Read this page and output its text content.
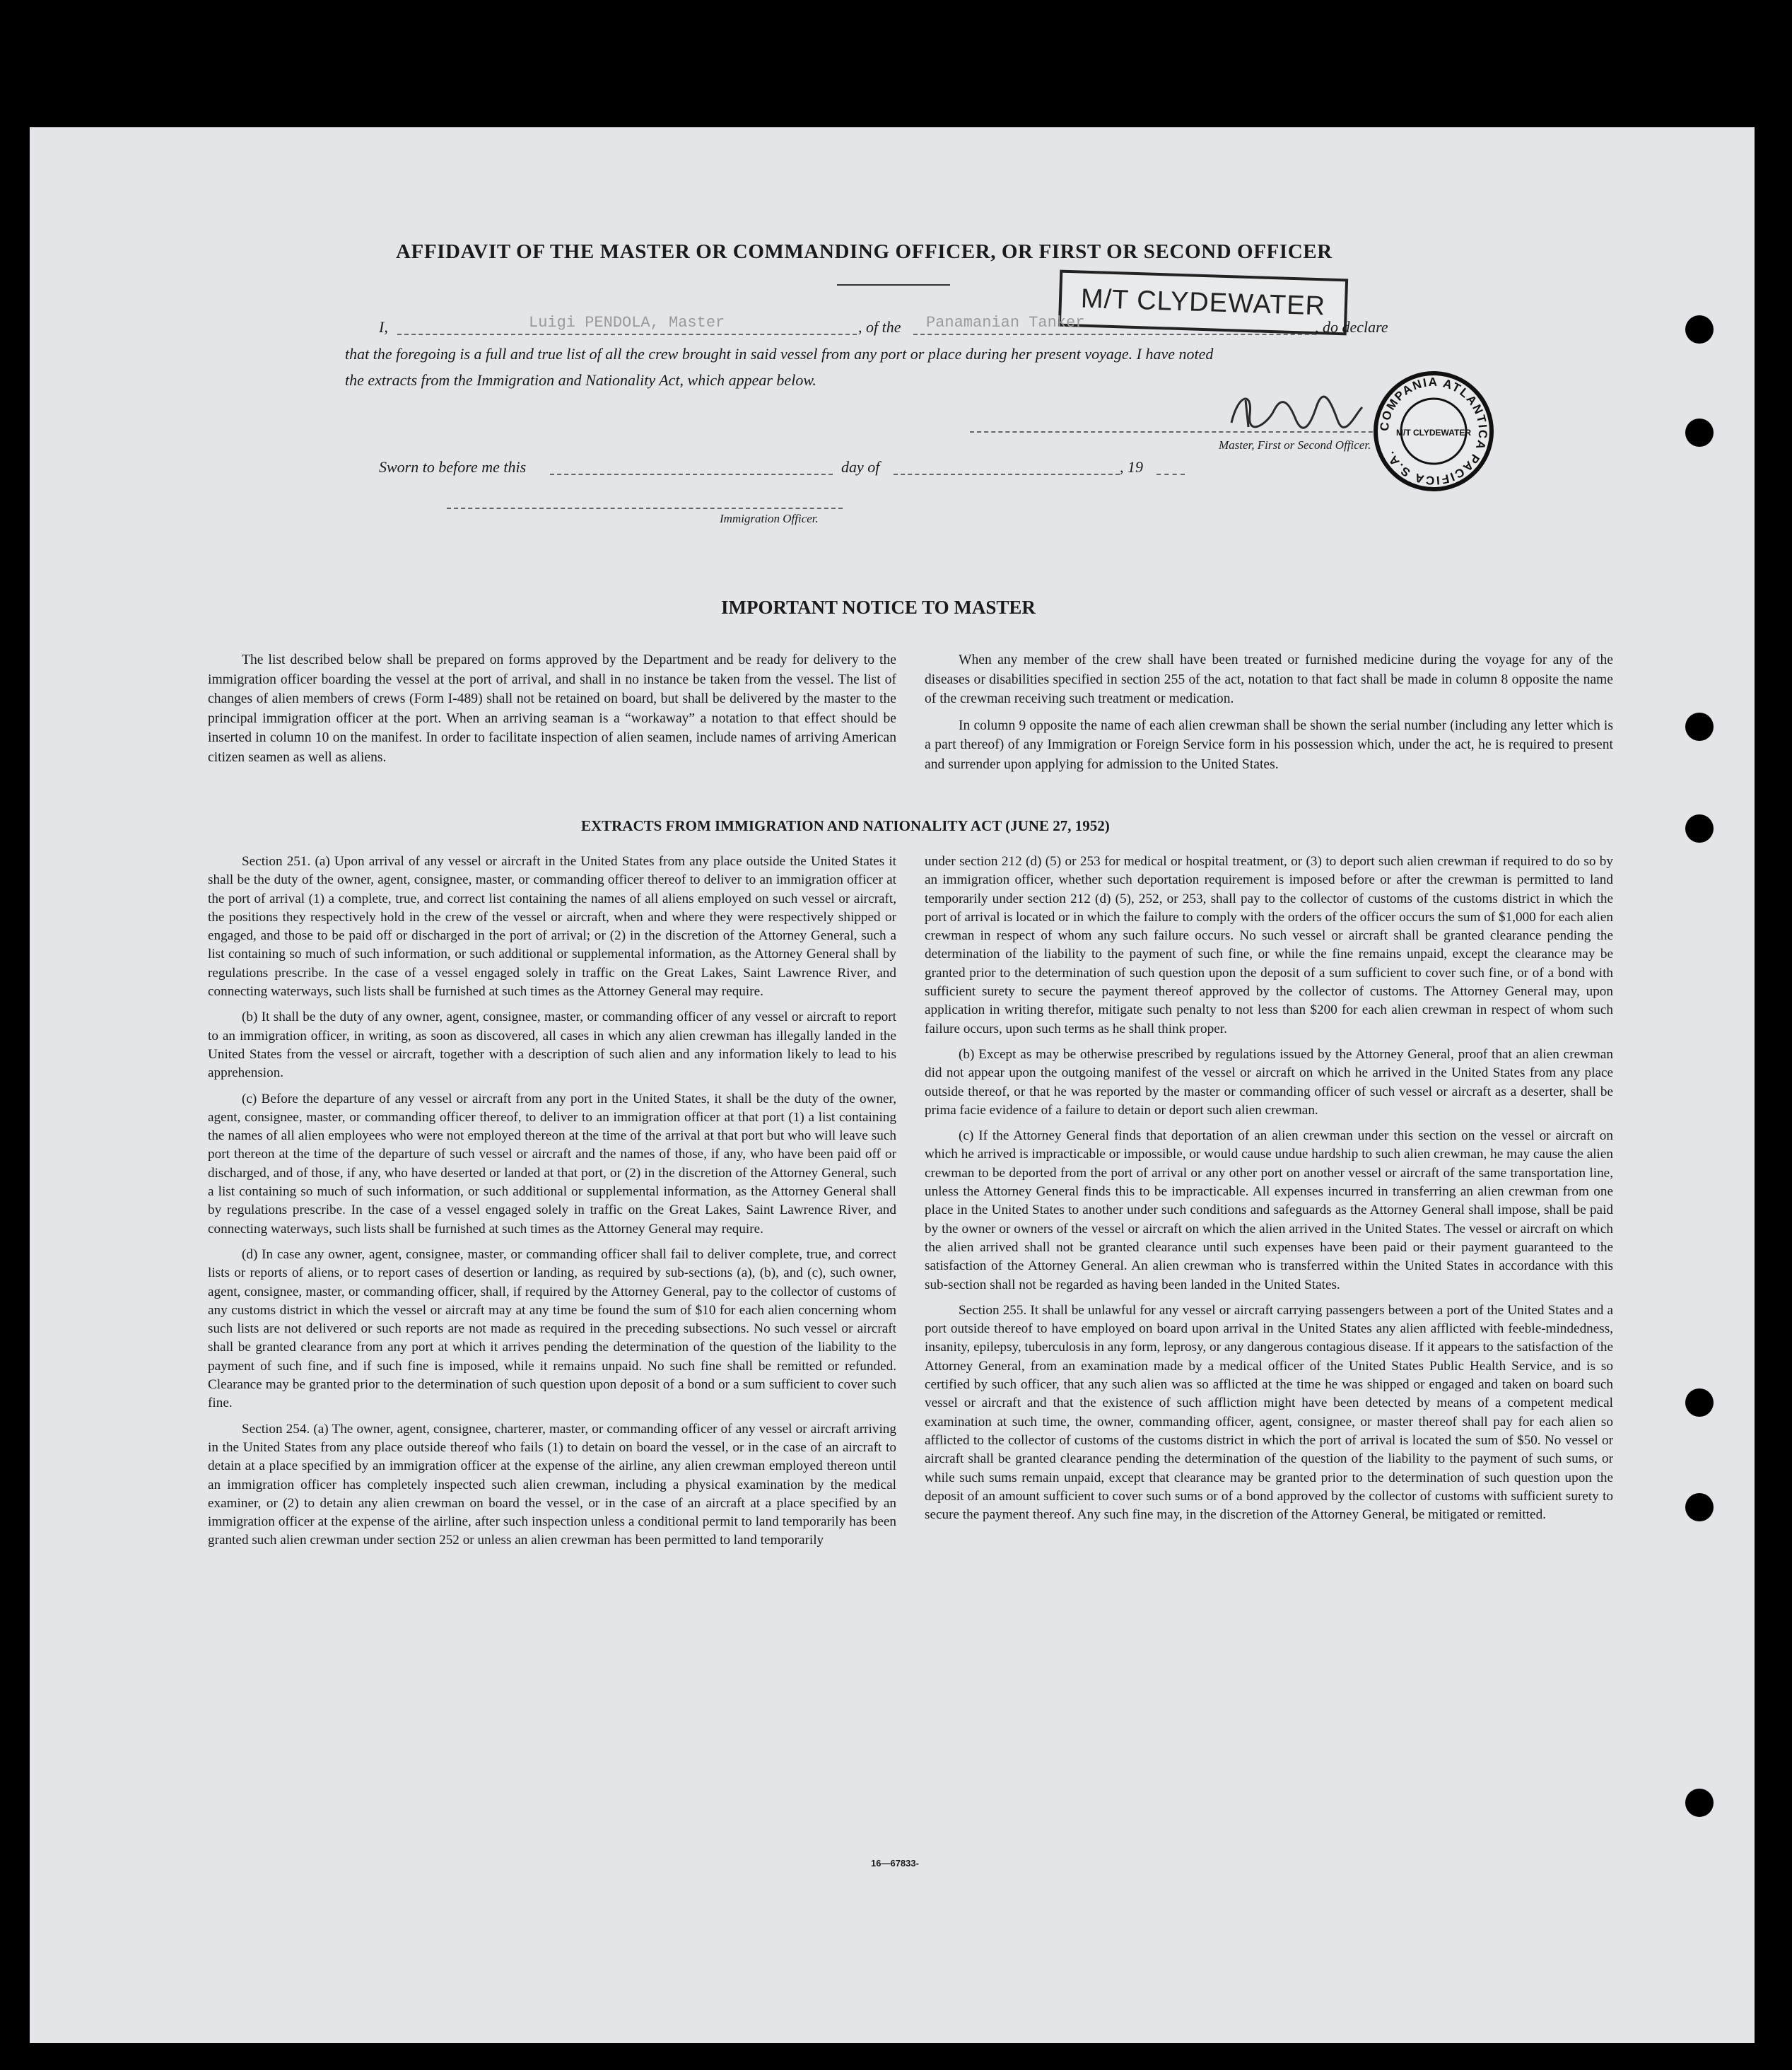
AFFIDAVIT OF THE MASTER OR COMMANDING OFFICER, OR FIRST OR SECOND OFFICER
M/T CLYDEWATER
I,	Luigi PENDOLA, Master	, of the Panamanian Tanker	, do declare
that the foregoing is a full and true list of all the crew brought in said vessel from any port or place during her present voyage. I have noted
the extracts from the Immigration and Nationality Act, which appear below.
Master, First or Second Officer.
COMPANIA ATLANTICA PACIFICA S.A.
M/T CLYDEWATER
Sworn to before me this	day of	, 19
Immigration Officer.
IMPORTANT NOTICE TO MASTER

The list described below shall be prepared on forms approved by the Department and be ready for delivery to the immigration officer boarding the vessel at the port of arrival, and shall in no instance be taken from the vessel. The list of changes of alien members of crews (Form I-489) shall not be retained on board, but shall be delivered by the master to the principal immigration officer at the port. When an arriving seaman is a “workaway” a notation to that effect should be inserted in column 10 on the manifest. In order to facilitate inspection of alien seamen, include names of arriving American citizen seamen as well as aliens.

When any member of the crew shall have been treated or furnished medicine during the voyage for any of the diseases or disabilities specified in section 255 of the act, notation to that fact shall be made in column 8 opposite the name of the crewman receiving such treatment or medication.

In column 9 opposite the name of each alien crewman shall be shown the serial number (including any letter which is a part thereof) of any Immigration or Foreign Service form in his possession which, under the act, he is required to present and surrender upon applying for admission to the United States.

EXTRACTS FROM IMMIGRATION AND NATIONALITY ACT (JUNE 27, 1952)

Section 251. (a) Upon arrival of any vessel or aircraft in the United States from any place outside the United States it shall be the duty of the owner, agent, consignee, master, or commanding officer thereof to deliver to an immigration officer at the port of arrival (1) a complete, true, and correct list containing the names of all aliens employed on such vessel or aircraft, the positions they respectively hold in the crew of the vessel or aircraft, when and where they were respectively shipped or engaged, and those to be paid off or discharged in the port of arrival; or (2) in the discretion of the Attorney General, such a list containing so much of such information, or such additional or supplemental information, as the Attorney General shall by regulations prescribe. In the case of a vessel engaged solely in traffic on the Great Lakes, Saint Lawrence River, and connecting waterways, such lists shall be furnished at such times as the Attorney General may require.

(b) It shall be the duty of any owner, agent, consignee, master, or commanding officer of any vessel or aircraft to report to an immigration officer, in writing, as soon as discovered, all cases in which any alien crewman has illegally landed in the United States from the vessel or aircraft, together with a description of such alien and any information likely to lead to his apprehension.

(c) Before the departure of any vessel or aircraft from any port in the United States, it shall be the duty of the owner, agent, consignee, master, or commanding officer thereof, to deliver to an immigration officer at that port (1) a list containing the names of all alien employees who were not employed thereon at the time of the arrival at that port but who will leave such port thereon at the time of the departure of such vessel or aircraft and the names of those, if any, who have been paid off or discharged, and of those, if any, who have deserted or landed at that port, or (2) in the discretion of the Attorney General, such a list containing so much of such information, or such additional or supplemental information, as the Attorney General shall by regulations prescribe. In the case of a vessel engaged solely in traffic on the Great Lakes, Saint Lawrence River, and connecting waterways, such lists shall be furnished at such times as the Attorney General may require.

(d) In case any owner, agent, consignee, master, or commanding officer shall fail to deliver complete, true, and correct lists or reports of aliens, or to report cases of desertion or landing, as required by sub-sections (a), (b), and (c), such owner, agent, consignee, master, or commanding officer, shall, if required by the Attorney General, pay to the collector of customs of any customs district in which the vessel or aircraft may at any time be found the sum of $10 for each alien concerning whom such lists are not delivered or such reports are not made as required in the preceding subsections. No such vessel or aircraft shall be granted clearance from any port at which it arrives pending the determination of the question of the liability to the payment of such fine, and if such fine is imposed, while it remains unpaid. No such fine shall be remitted or refunded. Clearance may be granted prior to the determination of such question upon deposit of a bond or a sum sufficient to cover such fine.

Section 254. (a) The owner, agent, consignee, charterer, master, or commanding officer of any vessel or aircraft arriving in the United States from any place outside thereof who fails (1) to detain on board the vessel, or in the case of an aircraft to detain at a place specified by an immigration officer at the expense of the airline, any alien crewman employed thereon until an immigration officer has completely inspected such alien crewman, including a physical examination by the medical examiner, or (2) to detain any alien crewman on board the vessel, or in the case of an aircraft at a place specified by an immigration officer at the expense of the airline, after such inspection unless a conditional permit to land temporarily has been granted such alien crewman under section 252 or unless an alien crewman has been permitted to land temporarily

under section 212 (d) (5) or 253 for medical or hospital treatment, or (3) to deport such alien crewman if required to do so by an immigration officer, whether such deportation requirement is imposed before or after the crewman is permitted to land temporarily under section 212 (d) (5), 252, or 253, shall pay to the collector of customs of the customs district in which the port of arrival is located or in which the failure to comply with the orders of the officer occurs the sum of $1,000 for each alien crewman in respect of whom any such failure occurs. No such vessel or aircraft shall be granted clearance pending the determination of the liability to the payment of such fine, or while the fine remains unpaid, except the clearance may be granted prior to the determination of such question upon the deposit of a sum sufficient to cover such fine, or of a bond with sufficient surety to secure the payment thereof approved by the collector of customs. The Attorney General may, upon application in writing therefor, mitigate such penalty to not less than $200 for each alien crewman in respect of whom such failure occurs, upon such terms as he shall think proper.

(b) Except as may be otherwise prescribed by regulations issued by the Attorney General, proof that an alien crewman did not appear upon the outgoing manifest of the vessel or aircraft on which he arrived in the United States from any place outside thereof, or that he was reported by the master or commanding officer of such vessel or aircraft as a deserter, shall be prima facie evidence of a failure to detain or deport such alien crewman.

(c) If the Attorney General finds that deportation of an alien crewman under this section on the vessel or aircraft on which he arrived is impracticable or impossible, or would cause undue hardship to such alien crewman, he may cause the alien crewman to be deported from the port of arrival or any other port on another vessel or aircraft of the same transportation line, unless the Attorney General finds this to be impracticable. All expenses incurred in transferring an alien crewman from one place in the United States to another under such conditions and safeguards as the Attorney General shall impose, shall be paid by the owner or owners of the vessel or aircraft on which the alien arrived in the United States. The vessel or aircraft on which the alien arrived shall not be granted clearance until such expenses have been paid or their payment guaranteed to the satisfaction of the Attorney General. An alien crewman who is transferred within the United States in accordance with this sub-section shall not be regarded as having been landed in the United States.

Section 255. It shall be unlawful for any vessel or aircraft carrying passengers between a port of the United States and a port outside thereof to have employed on board upon arrival in the United States any alien afflicted with feeble-mindedness, insanity, epilepsy, tuberculosis in any form, leprosy, or any dangerous contagious disease. If it appears to the satisfaction of the Attorney General, from an examination made by a medical officer of the United States Public Health Service, and is so certified by such officer, that any such alien was so afflicted at the time he was shipped or engaged and taken on board such vessel or aircraft and that the existence of such affliction might have been detected by means of a competent medical examination at such time, the owner, commanding officer, agent, consignee, or master thereof shall pay for each alien so afflicted to the collector of customs of the customs district in which the port of arrival is located the sum of $50. No vessel or aircraft shall be granted clearance pending the determination of the question of the liability to the payment of such sums, or while such sums remain unpaid, except that clearance may be granted prior to the determination of such question upon the deposit of an amount sufficient to cover such sums or of a bond approved by the collector of customs with sufficient surety to secure the payment thereof. Any such fine may, in the discretion of the Attorney General, be mitigated or remitted.

16—67833-
